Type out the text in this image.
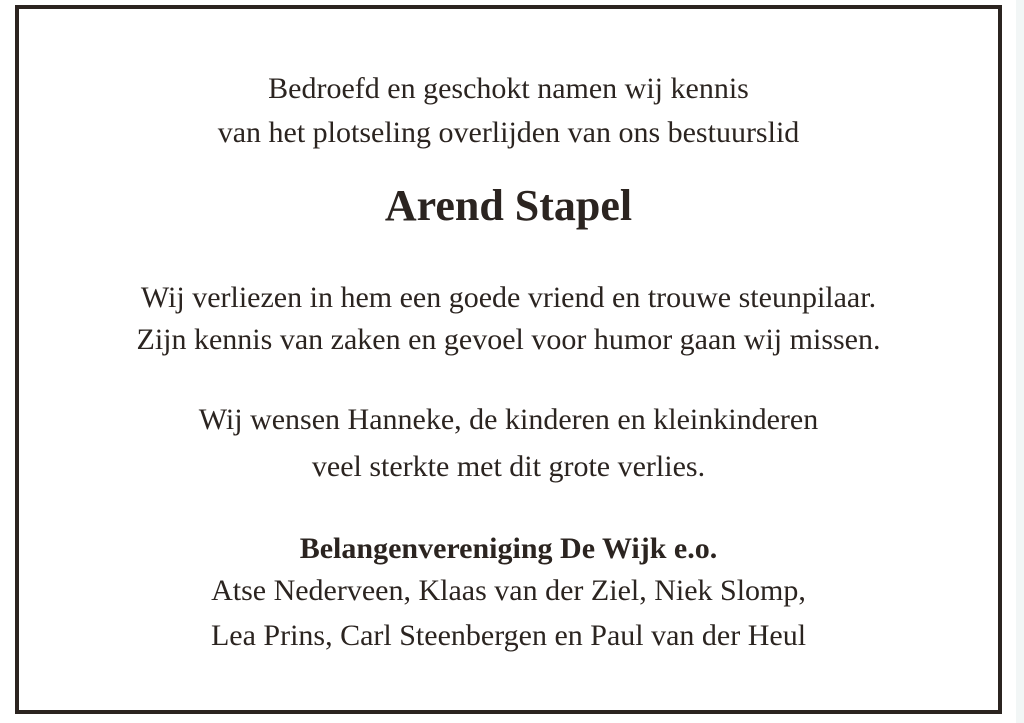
Bedroefd en geschokt namen wij kennis
van het plotseling overlijden van ons bestuurslid
Arend Stapel
Wij verliezen in hem een goede vriend en trouwe steunpilaar.
Zijn kennis van zaken en gevoel voor humor gaan wij missen.
Wij wensen Hanneke, de kinderen en kleinkinderen
veel sterkte met dit grote verlies.
Belangenvereniging De Wijk e.o.
Atse Nederveen, Klaas van der Ziel, Niek Slomp,
Lea Prins, Carl Steenbergen en Paul van der Heul
